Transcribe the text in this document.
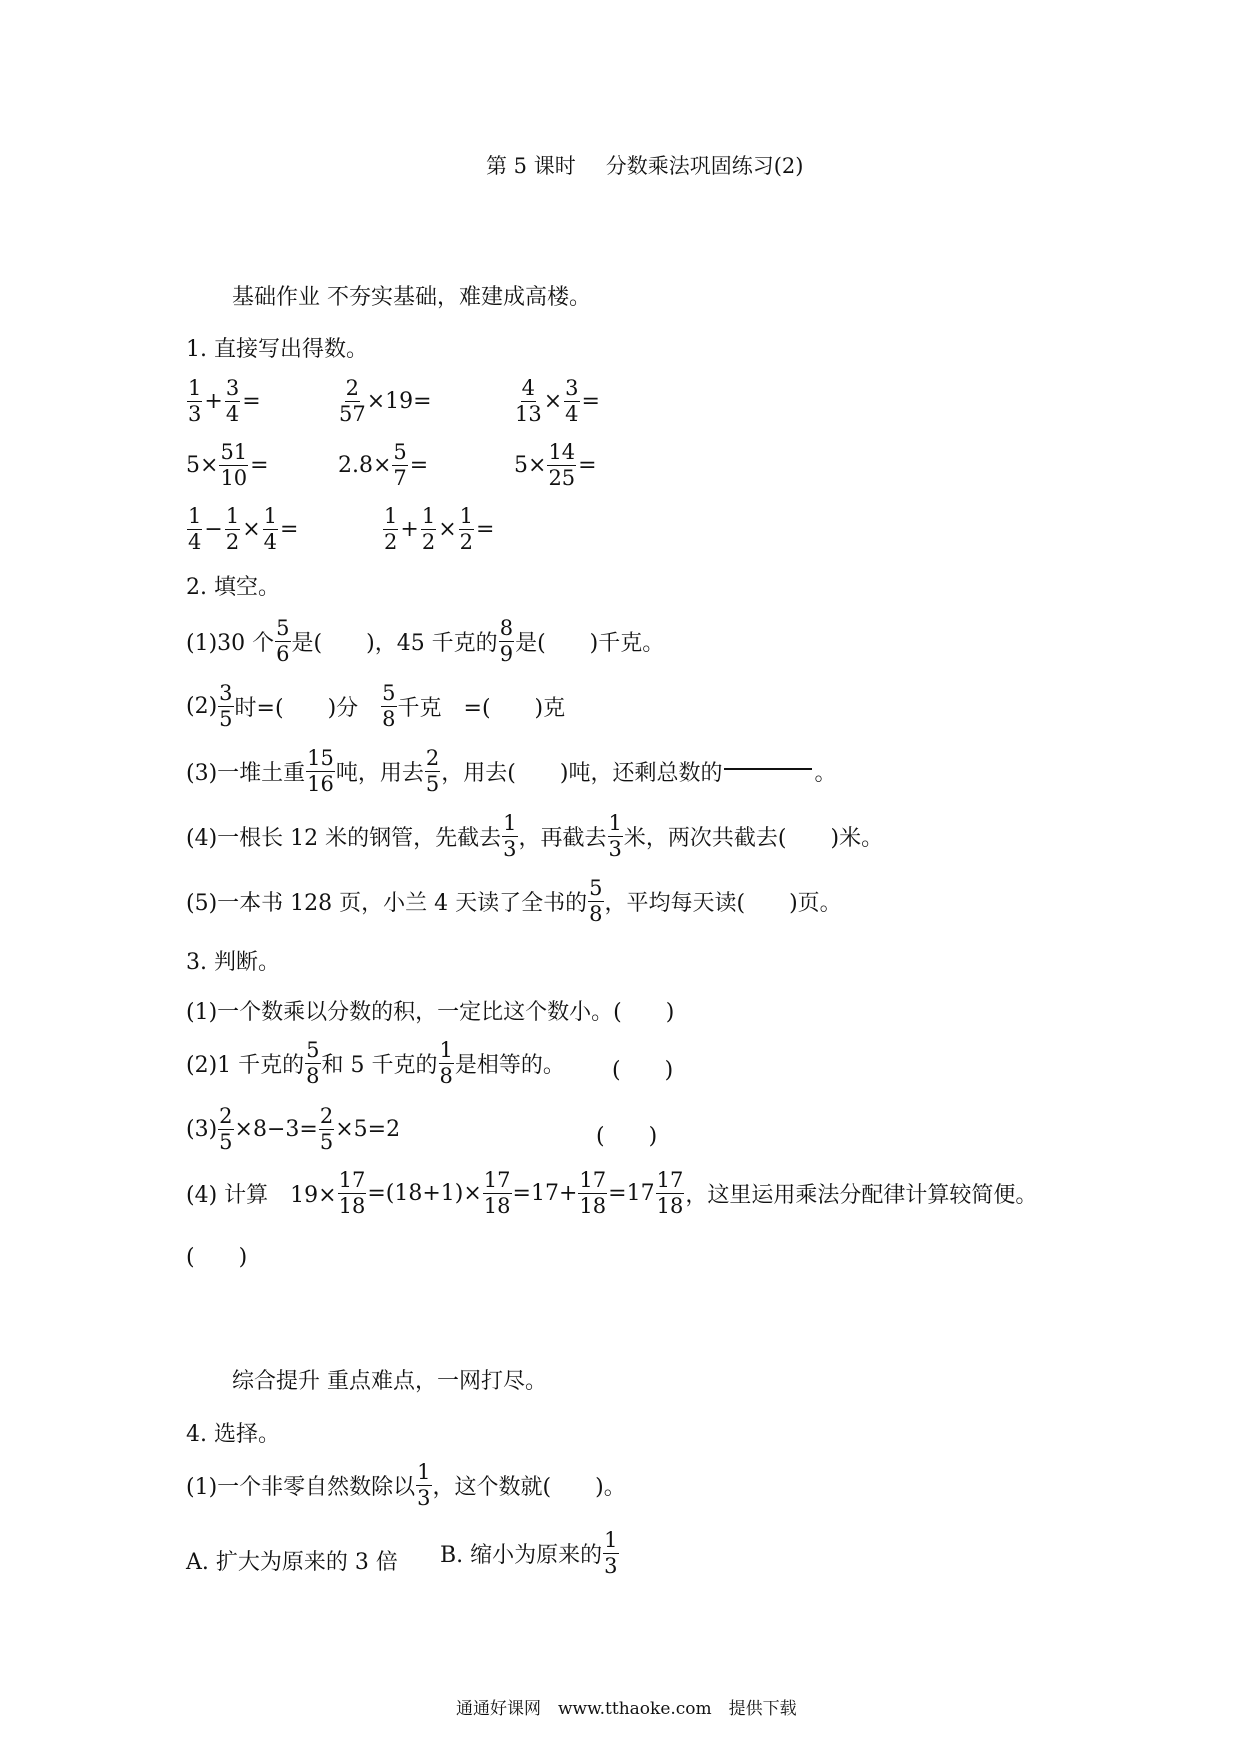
第 5 课时 分数乘法巩固练习(2)
基础作业 不夯实基础，难建成高楼。
1. 直接写出得数。
$\frac{1}{3} + \frac{3}{4}$ =	$\frac{2}{57} \times 19=$	$\frac{4}{13} \times \frac{3}{4}$ =
$5\times \frac{51}{10}$ =	$2.8\times \frac{5}{7}$ =	$5\times \frac{14}{25}$ =
$\frac{1}{4} - \frac{1}{2} \times \frac{1}{4}$ =	$\frac{1}{2} + \frac{1}{2} \times \frac{1}{2}$ =
2. 填空。
(1)30 个 $\frac{5}{6}$ 是(　　)，45 千克的 $\frac{8}{9}$ 是(　　)千克。
$(2) \frac{3}{5}$ 时=(　　)分　 $\frac{5}{8}$ 千克　=(　　)克
(3)一堆土重 $\frac{15}{16}$ 吨，用去 $\frac{2}{5}$ ，用去(　　)吨，还剩总数的	。
(4)一根长 12 米的钢管，先截去 $\frac{1}{3}$ ，再截去 $\frac{1}{3}$ 米，两次共截去(　　)米。
(5)一本书 128 页，小兰 4 天读了全书的 $\frac{5}{8}$ ，平均每天读(　　)页。
3. 判断。
(1)一个数乘以分数的积，一定比这个数小。(　　)
(2)1 千克的 $\frac{5}{8}$ 和 5 千克的 $\frac{1}{8}$ 是相等的。 (　　)
$(3) \frac{2}{5} \times 8-3= \frac{2}{5} \times 5=2$	(　　)
(4) 计算　$19\times \frac{17}{18} =(18+1)\times \frac{17}{18} =17+ \frac{17}{18} =17 \frac{17}{18}$ ，这里运用乘法分配律计算较简便。
(　　)
综合提升 重点难点，一网打尽。
4. 选择。
(1)一个非零自然数除以 $\frac{1}{3}$ ，这个数就(　　)。
A. 扩大为原来的 3 倍 B. 缩小为原来的 $\frac{1}{3}$
通通好课网　www.tthaoke.com　提供下载
